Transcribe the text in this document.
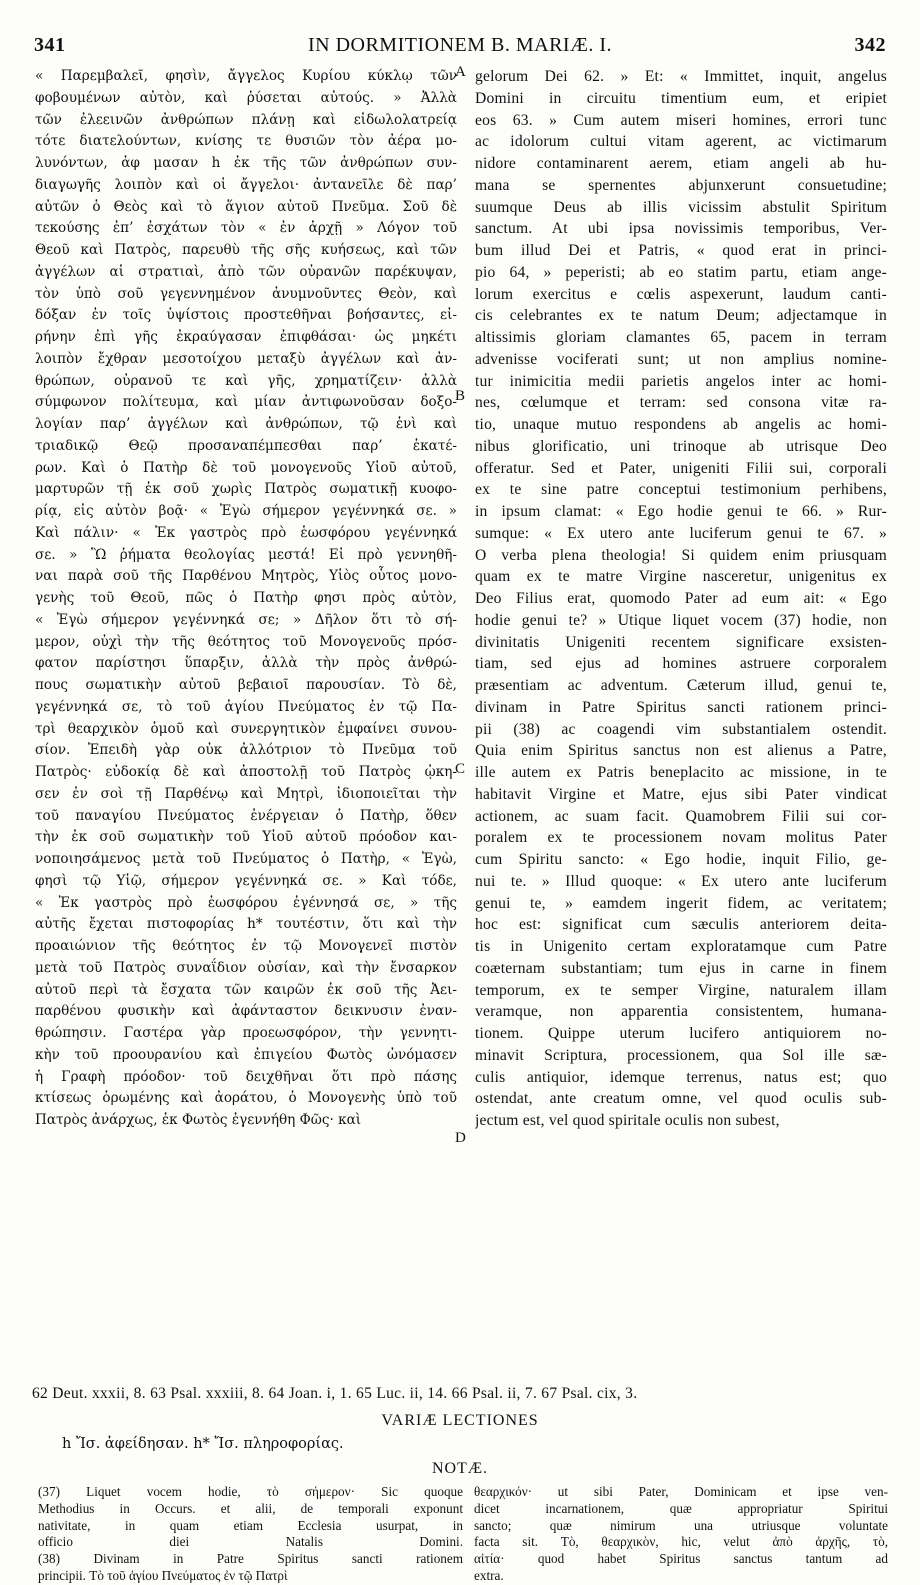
341	IN DORMITIONEM B. MARIÆ. I.	342
« Παρεμβαλεῖ, φησὶν, ἄγγελος Κυρίου κύκλῳ τῶν
φοβουμένων αὐτὸν, καὶ ῥύσεται αὐτούς. » Ἀλλὰ
τῶν ἐλεεινῶν ἀνθρώπων πλάνῃ καὶ εἰδωλολατρείᾳ
τότε διατελούντων, κνίσης τε θυσιῶν τὸν ἀέρα μο-
λυνόντων, ἀφ μασαν h ἐκ τῆς τῶν ἀνθρώπων συν-
διαγωγῆς λοιπὸν καὶ οἱ ἄγγελοι· ἀντανεῖλε δὲ παρ’
αὐτῶν ὁ Θεὸς καὶ τὸ ἅγιον αὐτοῦ Πνεῦμα. Σοῦ δὲ
τεκούσης ἐπ’ ἐσχάτων τὸν « ἐν ἀρχῇ » Λόγον τοῦ
Θεοῦ καὶ Πατρὸς, παρευθὺ τῆς σῆς κυήσεως, καὶ τῶν
ἀγγέλων αἱ στρατιαὶ, ἀπὸ τῶν οὐρανῶν παρέκυψαν,
τὸν ὑπὸ σοῦ γεγεννημένον ἀνυμνοῦντες Θεὸν, καὶ
δόξαν ἐν τοῖς ὑψίστοις προστεθῆναι βοήσαντες, εἰ-
ρήνην ἐπὶ γῆς ἐκραύγασαν ἐπιφθάσαι· ὡς μηκέτι
λοιπὸν ἔχθραν μεσοτοίχου μεταξὺ ἀγγέλων καὶ ἀν-
θρώπων, οὐρανοῦ τε καὶ γῆς, χρηματίζειν· ἀλλὰ
σύμφωνον πολίτευμα, καὶ μίαν ἀντιφωνοῦσαν δοξο-
λογίαν παρ’ ἀγγέλων καὶ ἀνθρώπων, τῷ ἑνὶ καὶ
τριαδικῷ Θεῷ προσαναπέμπεσθαι παρ’ ἑκατέ-
ρων. Καὶ ὁ Πατὴρ δὲ τοῦ μονογενοῦς Υἱοῦ αὐτοῦ,
μαρτυρῶν τῇ ἐκ σοῦ χωρὶς Πατρὸς σωματικῇ κυοφο-
ρίᾳ, εἰς αὐτὸν βοᾷ· « Ἐγὼ σήμερον γεγέννηκά σε. »
Καὶ πάλιν· « Ἐκ γαστρὸς πρὸ ἑωσφόρου γεγέννηκά
σε. » Ὢ ῥήματα θεολογίας μεστά! Εἰ πρὸ γεννηθῆ-
ναι παρὰ σοῦ τῆς Παρθένου Μητρὸς, Υἱὸς οὗτος μονο-
γενὴς τοῦ Θεοῦ, πῶς ὁ Πατὴρ φησι πρὸς αὐτὸν,
« Ἐγὼ σήμερον γεγέννηκά σε; » Δῆλον ὅτι τὸ σή-
μερον, οὐχὶ τὴν τῆς θεότητος τοῦ Μονογενοῦς πρόσ-
φατον παρίστησι ὕπαρξιν, ἀλλὰ τὴν πρὸς ἀνθρώ-
πους σωματικὴν αὐτοῦ βεβαιοῖ παρουσίαν. Τὸ δὲ,
γεγέννηκά σε, τὸ τοῦ ἁγίου Πνεύματος ἐν τῷ Πα-
τρὶ θεαρχικὸν ὁμοῦ καὶ συνεργητικὸν ἐμφαίνει συνου-
σίον. Ἐπειδὴ γὰρ οὐκ ἀλλότριον τὸ Πνεῦμα τοῦ
Πατρὸς· εὐδοκίᾳ δὲ καὶ ἀποστολῇ τοῦ Πατρὸς ᾠκη-
σεν ἐν σοὶ τῇ Παρθένῳ καὶ Μητρὶ, ἰδιοποιεῖται τὴν
τοῦ παναγίου Πνεύματος ἐνέργειαν ὁ Πατὴρ, ὅθεν
τὴν ἐκ σοῦ σωματικὴν τοῦ Υἱοῦ αὐτοῦ πρόοδον και-
νοποιησάμενος μετὰ τοῦ Πνεύματος ὁ Πατὴρ, « Ἐγὼ,
φησὶ τῷ Υἱῷ, σήμερον γεγέννηκά σε. » Καὶ τόδε,
« Ἐκ γαστρὸς πρὸ ἑωσφόρου ἐγέννησά σε, » τῆς
αὐτῆς ἔχεται πιστοφορίας h* τουτέστιν, ὅτι καὶ τὴν
προαιώνιον τῆς θεότητος ἐν τῷ Μονογενεῖ πιστὸν
μετὰ τοῦ Πατρὸς συναΐδιον οὐσίαν, καὶ τὴν ἔνσαρκον
αὐτοῦ περὶ τὰ ἔσχατα τῶν καιρῶν ἐκ σοῦ τῆς Ἀει-
παρθένου φυσικὴν καὶ ἀφάνταστον δεικνυσιν ἐναν-
θρώπησιν. Γαστέρα γὰρ προεωσφόρον, τὴν γεννητι-
κὴν τοῦ προουρανίου καὶ ἐπιγείου Φωτὸς ὠνόμασεν
ἡ Γραφὴ πρόοδον· τοῦ δειχθῆναι ὅτι πρὸ πάσης
κτίσεως ὁρωμένης καὶ ἀοράτου, ὁ Μονογενὴς ὑπὸ τοῦ
Πατρὸς ἀνάρχως, ἐκ Φωτὸς ἐγεννήθη Φῶς· καὶ
gelorum Dei 62. » Et: « Immittet, inquit, angelus
Domini in circuitu timentium eum, et eripiet
eos 63. » Cum autem miseri homines, errori tunc
ac idolorum cultui vitam agerent, ac victimarum
nidore contaminarent aerem, etiam angeli ab hu-
mana se spernentes abjunxerunt consuetudine;
suumque Deus ab illis vicissim abstulit Spiritum
sanctum. At ubi ipsa novissimis temporibus, Ver-
bum illud Dei et Patris, « quod erat in princi-
pio 64, » peperisti; ab eo statim partu, etiam ange-
lorum exercitus e cœlis aspexerunt, laudum canti-
cis celebrantes ex te natum Deum; adjectamque in
altissimis gloriam clamantes 65, pacem in terram
advenisse vociferati sunt; ut non amplius nomine-
tur inimicitia medii parietis angelos inter ac homi-
nes, cœlumque et terram: sed consona vitæ ra-
tio, unaque mutuo respondens ab angelis ac homi-
nibus glorificatio, uni trinoque ab utrisque Deo
offeratur. Sed et Pater, unigeniti Filii sui, corporali
ex te sine patre conceptui testimonium perhibens,
in ipsum clamat: « Ego hodie genui te 66. » Rur-
sumque: « Ex utero ante luciferum genui te 67. »
O verba plena theologia! Si quidem enim priusquam
quam ex te matre Virgine nasceretur, unigenitus ex
Deo Filius erat, quomodo Pater ad eum ait: « Ego
hodie genui te? » Utique liquet vocem (37) hodie, non
divinitatis Unigeniti recentem significare exsisten-
tiam, sed ejus ad homines astruere corporalem
præsentiam ac adventum. Cæterum illud, genui te,
divinam in Patre Spiritus sancti rationem princi-
pii (38) ac coagendi vim substantialem ostendit.
Quia enim Spiritus sanctus non est alienus a Patre,
ille autem ex Patris beneplacito ac missione, in te
habitavit Virgine et Matre, ejus sibi Pater vindicat
actionem, ac suam facit. Quamobrem Filii sui cor-
poralem ex te processionem novam molitus Pater
cum Spiritu sancto: « Ego hodie, inquit Filio, ge-
nui te. » Illud quoque: « Ex utero ante luciferum
genui te, » eamdem ingerit fidem, ac veritatem;
hoc est: significat cum sæculis anteriorem deita-
tis in Unigenito certam exploratamque cum Patre
coæternam substantiam; tum ejus in carne in finem
temporum, ex te semper Virgine, naturalem illam
veramque, non apparentia consistentem, humana-
tionem. Quippe uterum lucifero antiquiorem no-
minavit Scriptura, processionem, qua Sol ille sæ-
culis antiquior, idemque terrenus, natus est; quo
ostendat, ante creatum omne, vel quod oculis sub-
jectum est, vel quod spiritale oculis non subest,
A
B
C
D
62 Deut. xxxii, 8. 63 Psal. xxxiii, 8. 64 Joan. i, 1. 65 Luc. ii, 14. 66 Psal. ii, 7. 67 Psal. cix, 3.
VARIÆ LECTIONES
h Ἴσ. ἀφείδησαν. h* Ἴσ. πληροφορίας.
NOTÆ.
(37) Liquet vocem hodie, τὸ σήμερον· Sic quoque
Methodius in Occurs. et alii, de temporali exponunt
nativitate, in quam etiam Ecclesia usurpat, in
officio diei Natalis Domini.
(38) Divinam in Patre Spiritus sancti rationem
principii. Τὸ τοῦ ἁγίου Πνεύματος ἐν τῷ Πατρὶ
θεαρχικόν· ut sibi Pater, Dominicam et ipse ven-
dicet incarnationem, quæ appropriatur Spiritui
sancto; quæ nimirum una utriusque voluntate
facta sit. Τὸ, θεαρχικὸν, hic, velut ἀπὸ ἀρχῆς, τὸ,
αἰτία· quod habet Spiritus sanctus tantum ad
extra.
